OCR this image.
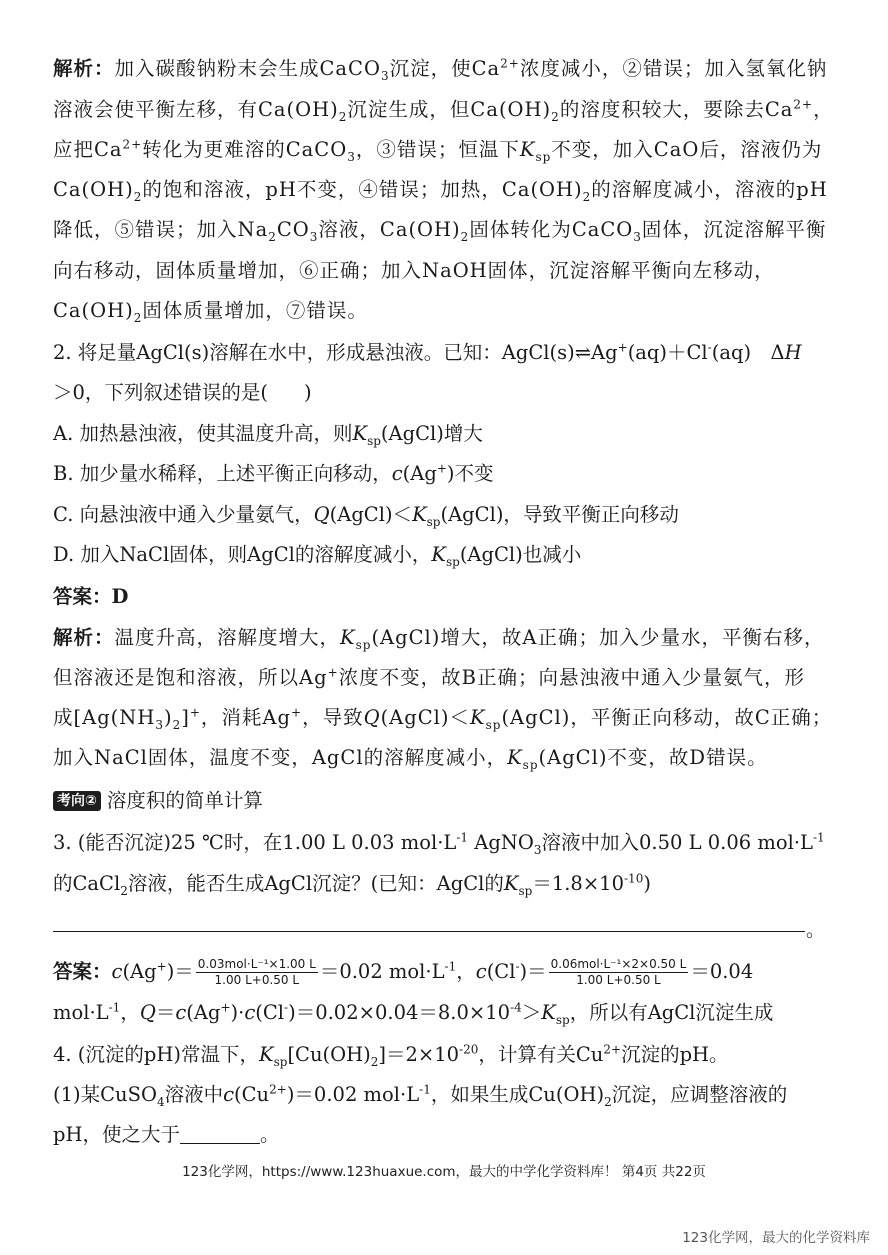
解析：加入碳酸钠粉末会生成CaCO$_3$沉淀，使$Ca^{2+}$浓度减小，②错误；加入氢氧化钠
溶液会使平衡左移，有$Ca(OH)_2$沉淀生成，但$Ca(OH)_2$的溶度积较大，要除去$Ca^{2+}$，
应把$Ca^{2+}$转化为更难溶的CaCO$_3$，③错误；恒温下$K_{sp}$不变，加入CaO后，溶液仍为
$Ca(OH)_2$的饱和溶液，pH不变，④错误；加热，$Ca(OH)_2$的溶解度减小，溶液的pH
降低，⑤错误；加入$Na_2CO_3$溶液，$Ca(OH)_2$固体转化为CaCO$_3$固体，沉淀溶解平衡
向右移动，固体质量增加，⑥正确；加入NaOH固体，沉淀溶解平衡向左移动，
$Ca(OH)_2$固体质量增加，⑦错误。
2. 将足量AgCl(s)溶解在水中，形成悬浊液。已知：AgCl(s)⇌Ag+(aq)＋Cl-(aq)　ΔH
＞0，下列叙述错误的是( )
A. 加热悬浊液，使其温度升高，则$K_{sp}(AgCl)$增大
B. 加少量水稀释，上述平衡正向移动，c(Ag+)不变
C. 向悬浊液中通入少量氨气，$Q(AgCl)<K_{sp}(AgCl)$，导致平衡正向移动
D. 加入NaCl固体，则AgCl的溶解度减小，$K_{sp}(AgCl)$也减小
答案：D
解析：温度升高，溶解度增大，$K_{sp}(AgCl)$增大，故A正确；加入少量水，平衡右移，
但溶液还是饱和溶液，所以Ag+浓度不变，故B正确；向悬浊液中通入少量氨气，形
成$[Ag(NH_3)_2]^+$，消耗Ag+，导致$Q(AgCl)<K_{sp}(AgCl)$，平衡正向移动，故C正确；
加入NaCl固体，温度不变，AgCl的溶解度减小，$K_{sp}(AgCl)$不变，故D错误。
考向② 溶度积的简单计算
3. (能否沉淀)25 ℃时，在1.00 L 0.03 $mol\cdot L^{-1}$ AgNO$_3$溶液中加入0.50 L 0.06 $mol\cdot L^{-1}$
的CaCl$_2$溶液，能否生成AgCl沉淀？(已知：AgCl的$K_{sp}=1.8\times 10^{-10}$)
。
答案：$c(Ag^+)= \frac{\text{0.03mol·L⁻¹×1.00 L}}{1.00 L+0.50 L} =0.02$ $mol\cdot L^{-1}$，$c(Cl^-)= \frac{\text{0.06mol·L⁻¹×2×0.50 L}}{1.00 L+0.50 L} =0.04$
$mol\cdot L^{-1}$，$Q=c(Ag^+)\cdot c(Cl^-)=0.02\times 0.04=8.0\times 10^{-4}>K_{sp}$，所以有AgCl沉淀生成
4. (沉淀的pH)常温下，$K_{sp}[Cu(OH)_2]=2\times 10^{-20}$，计算有关$Cu^{2+}$沉淀的pH。
(1)某CuSO$_4$溶液中$c(Cu^{2+})=0.02$ $mol\cdot L^{-1}$，如果生成$Cu(OH)_2$沉淀，应调整溶液的
pH，使之大于	。
123化学网，https://www.123huaxue.com，最大的中学化学资料库！ 第4页 共22页
123化学网，最大的化学资料库
